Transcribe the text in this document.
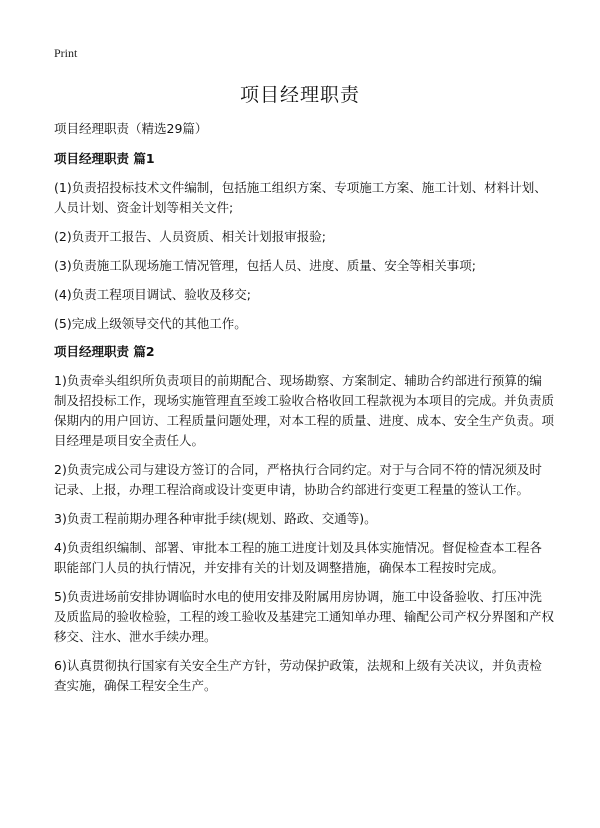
Print
项目经理职责

项目经理职责（精选29篇）

项目经理职责 篇1

(1)负责招投标技术文件编制，包括施工组织方案、专项施工方案、施工计划、材料计划、人员计划、资金计划等相关文件;

(2)负责开工报告、人员资质、相关计划报审报验;

(3)负责施工队现场施工情况管理，包括人员、进度、质量、安全等相关事项;

(4)负责工程项目调试、验收及移交;

(5)完成上级领导交代的其他工作。

项目经理职责 篇2

1)负责牵头组织所负责项目的前期配合、现场勘察、方案制定、辅助合约部进行预算的编制及招投标工作，现场实施管理直至竣工验收合格收回工程款视为本项目的完成。并负责质保期内的用户回访、工程质量问题处理，对本工程的质量、进度、成本、安全生产负责。项目经理是项目安全责任人。

2)负责完成公司与建设方签订的合同，严格执行合同约定。对于与合同不符的情况须及时记录、上报，办理工程洽商或设计变更申请，协助合约部进行变更工程量的签认工作。

3)负责工程前期办理各种审批手续(规划、路政、交通等)。

4)负责组织编制、部署、审批本工程的施工进度计划及具体实施情况。督促检查本工程各职能部门人员的执行情况，并安排有关的计划及调整措施，确保本工程按时完成。

5)负责进场前安排协调临时水电的使用安排及附属用房协调，施工中设备验收、打压冲洗及质监局的验收检验，工程的竣工验收及基建完工通知单办理、输配公司产权分界图和产权移交、注水、泄水手续办理。

6)认真贯彻执行国家有关安全生产方针，劳动保护政策，法规和上级有关决议，并负责检查实施，确保工程安全生产。
